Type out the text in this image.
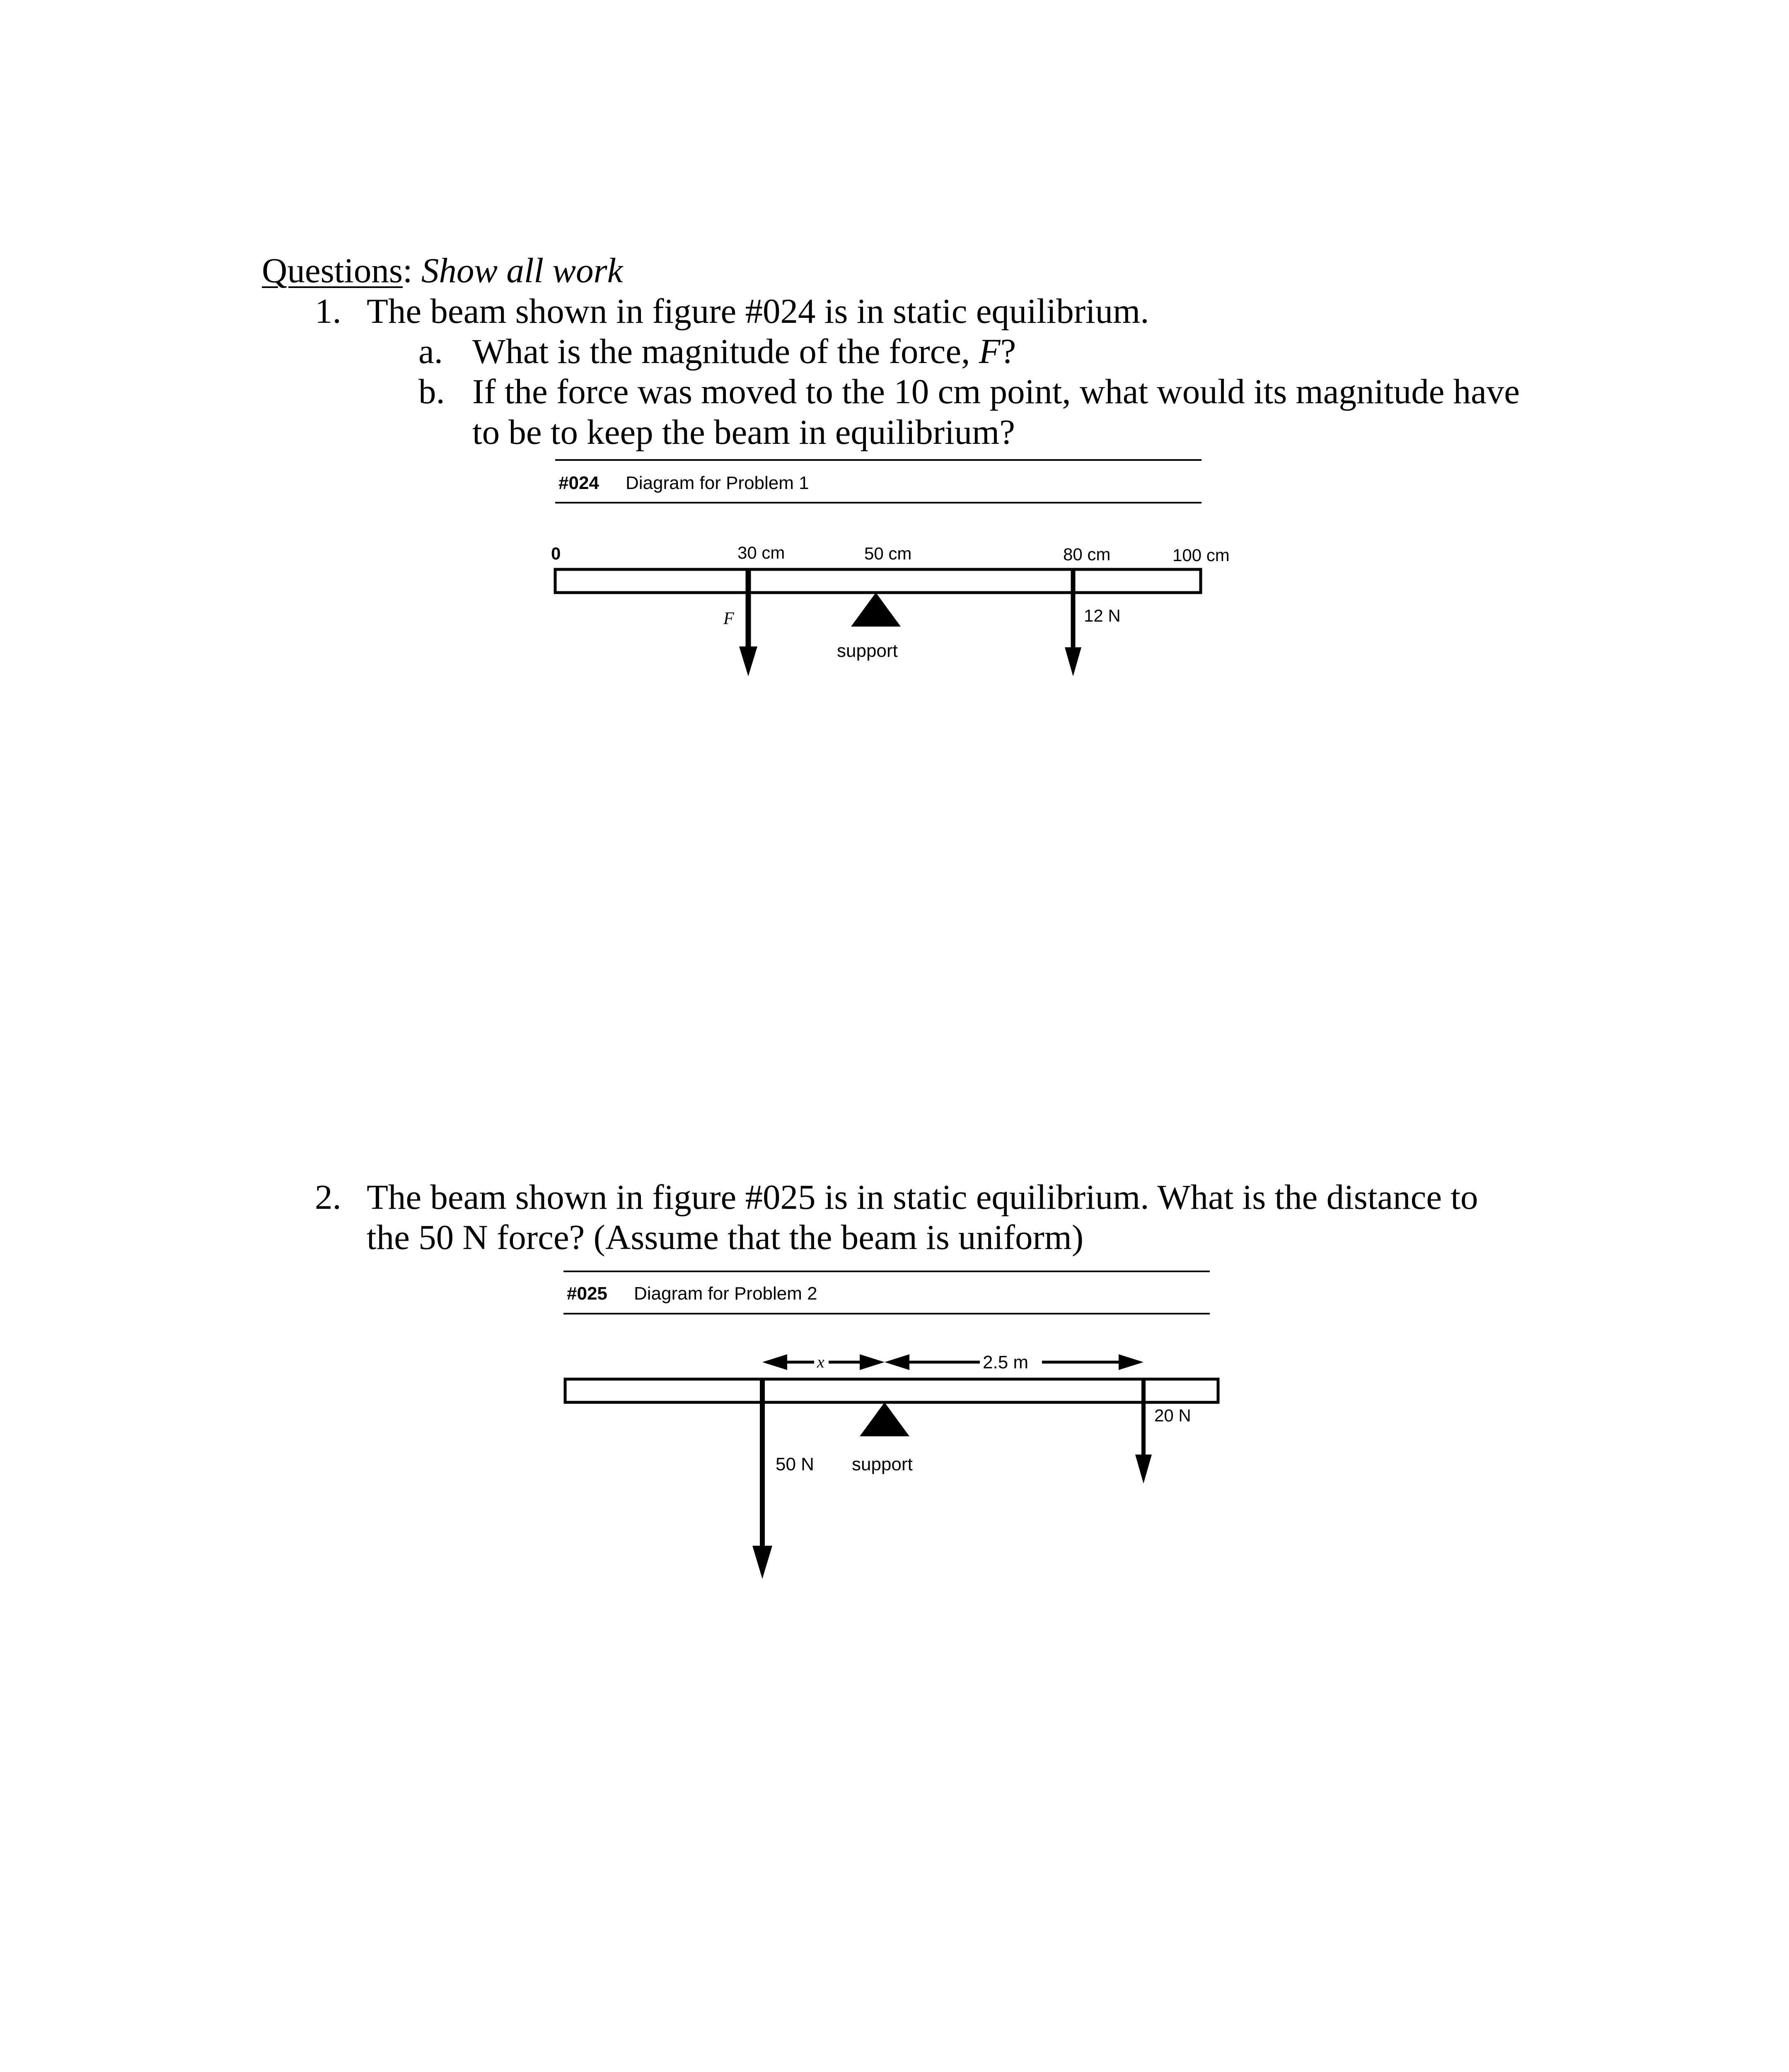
Questions: Show all work
1. The beam shown in figure #024 is in static equilibrium.
a. What is the magnitude of the force, F?
b. If the force was moved to the 10 cm point, what would its magnitude have
to be to keep the beam in equilibrium?
#024 Diagram for Problem 1
0	30 cm	50 cm	80 cm	100 cm
support
F	12 N
2. The beam shown in figure #025 is in static equilibrium. What is the distance to
the 50 N force? (Assume that the beam is uniform)
#025 Diagram for Problem 2
x	2.5 m
support
50 N
20 N
